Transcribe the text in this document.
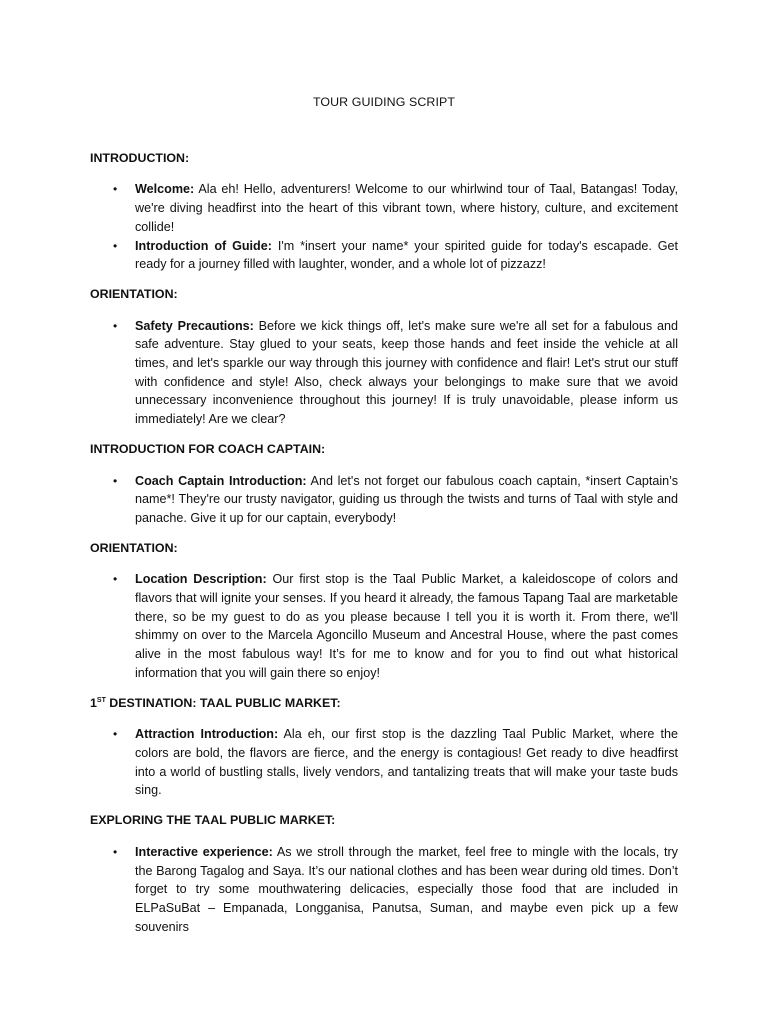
TOUR GUIDING SCRIPT
INTRODUCTION:
• Welcome: Ala eh! Hello, adventurers! Welcome to our whirlwind tour of Taal, Batangas! Today, we're diving headfirst into the heart of this vibrant town, where history, culture, and excitement collide!
• Introduction of Guide: I'm *insert your name* your spirited guide for today's escapade. Get ready for a journey filled with laughter, wonder, and a whole lot of pizzazz!
ORIENTATION:
• Safety Precautions: Before we kick things off, let's make sure we're all set for a fabulous and safe adventure. Stay glued to your seats, keep those hands and feet inside the vehicle at all times, and let's sparkle our way through this journey with confidence and flair! Let's strut our stuff with confidence and style! Also, check always your belongings to make sure that we avoid unnecessary inconvenience throughout this journey! If is truly unavoidable, please inform us immediately! Are we clear?
INTRODUCTION FOR COACH CAPTAIN:
• Coach Captain Introduction: And let's not forget our fabulous coach captain, *insert Captain’s name*! They're our trusty navigator, guiding us through the twists and turns of Taal with style and panache. Give it up for our captain, everybody!
ORIENTATION:
• Location Description: Our first stop is the Taal Public Market, a kaleidoscope of colors and flavors that will ignite your senses. If you heard it already, the famous Tapang Taal are marketable there, so be my guest to do as you please because I tell you it is worth it. From there, we'll shimmy on over to the Marcela Agoncillo Museum and Ancestral House, where the past comes alive in the most fabulous way! It’s for me to know and for you to find out what historical information that you will gain there so enjoy!
1ST DESTINATION: TAAL PUBLIC MARKET:
• Attraction Introduction: Ala eh, our first stop is the dazzling Taal Public Market, where the colors are bold, the flavors are fierce, and the energy is contagious! Get ready to dive headfirst into a world of bustling stalls, lively vendors, and tantalizing treats that will make your taste buds sing.
EXPLORING THE TAAL PUBLIC MARKET:
• Interactive experience: As we stroll through the market, feel free to mingle with the locals, try the Barong Tagalog and Saya. It’s our national clothes and has been wear during old times. Don’t forget to try some mouthwatering delicacies, especially those food that are included in ELPaSuBat – Empanada, Longganisa, Panutsa, Suman, and maybe even pick up a few souvenirs
